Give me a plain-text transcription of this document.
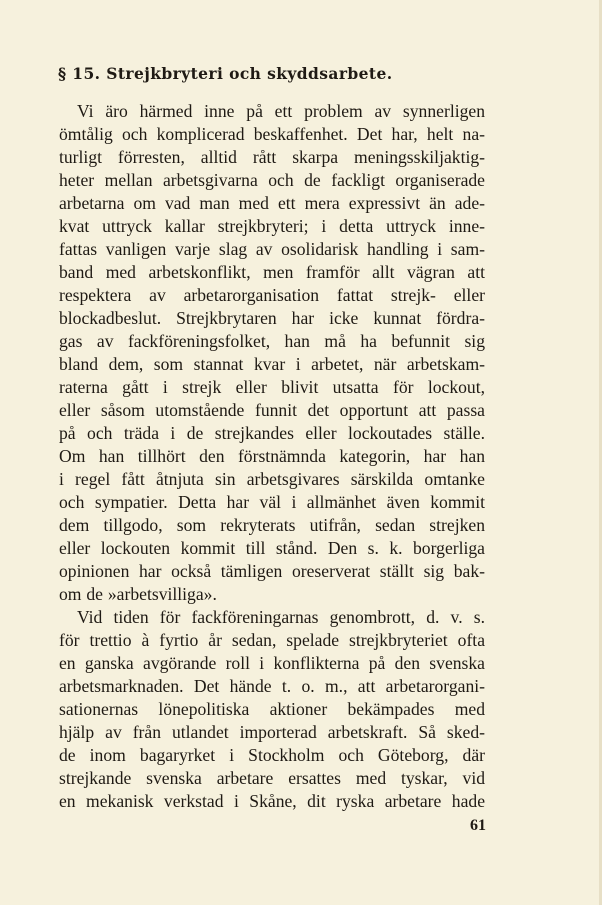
§ 15. Strejkbryteri och skyddsarbete.
Vi äro härmed inne på ett problem av synnerligen
ömtålig och komplicerad beskaffenhet. Det har, helt na-
turligt förresten, alltid rått skarpa meningsskiljaktig-
heter mellan arbetsgivarna och de fackligt organiserade
arbetarna om vad man med ett mera expressivt än ade-
kvat uttryck kallar strejkbryteri; i detta uttryck inne-
fattas vanligen varje slag av osolidarisk handling i sam-
band med arbetskonflikt, men framför allt vägran att
respektera av arbetarorganisation fattat strejk- eller
blockadbeslut. Strejkbrytaren har icke kunnat fördra-
gas av fackföreningsfolket, han må ha befunnit sig
bland dem, som stannat kvar i arbetet, när arbetskam-
raterna gått i strejk eller blivit utsatta för lockout,
eller såsom utomstående funnit det opportunt att passa
på och träda i de strejkandes eller lockoutades ställe.
Om han tillhört den förstnämnda kategorin, har han
i regel fått åtnjuta sin arbetsgivares särskilda omtanke
och sympatier. Detta har väl i allmänhet även kommit
dem tillgodo, som rekryterats utifrån, sedan strejken
eller lockouten kommit till stånd. Den s. k. borgerliga
opinionen har också tämligen oreserverat ställt sig bak-
om de »arbetsvilliga».
Vid tiden för fackföreningarnas genombrott, d. v. s.
för trettio à fyrtio år sedan, spelade strejkbryteriet ofta
en ganska avgörande roll i konflikterna på den svenska
arbetsmarknaden. Det hände t. o. m., att arbetarorgani-
sationernas lönepolitiska aktioner bekämpades med
hjälp av från utlandet importerad arbetskraft. Så sked-
de inom bagaryrket i Stockholm och Göteborg, där
strejkande svenska arbetare ersattes med tyskar, vid
en mekanisk verkstad i Skåne, dit ryska arbetare hade
61
